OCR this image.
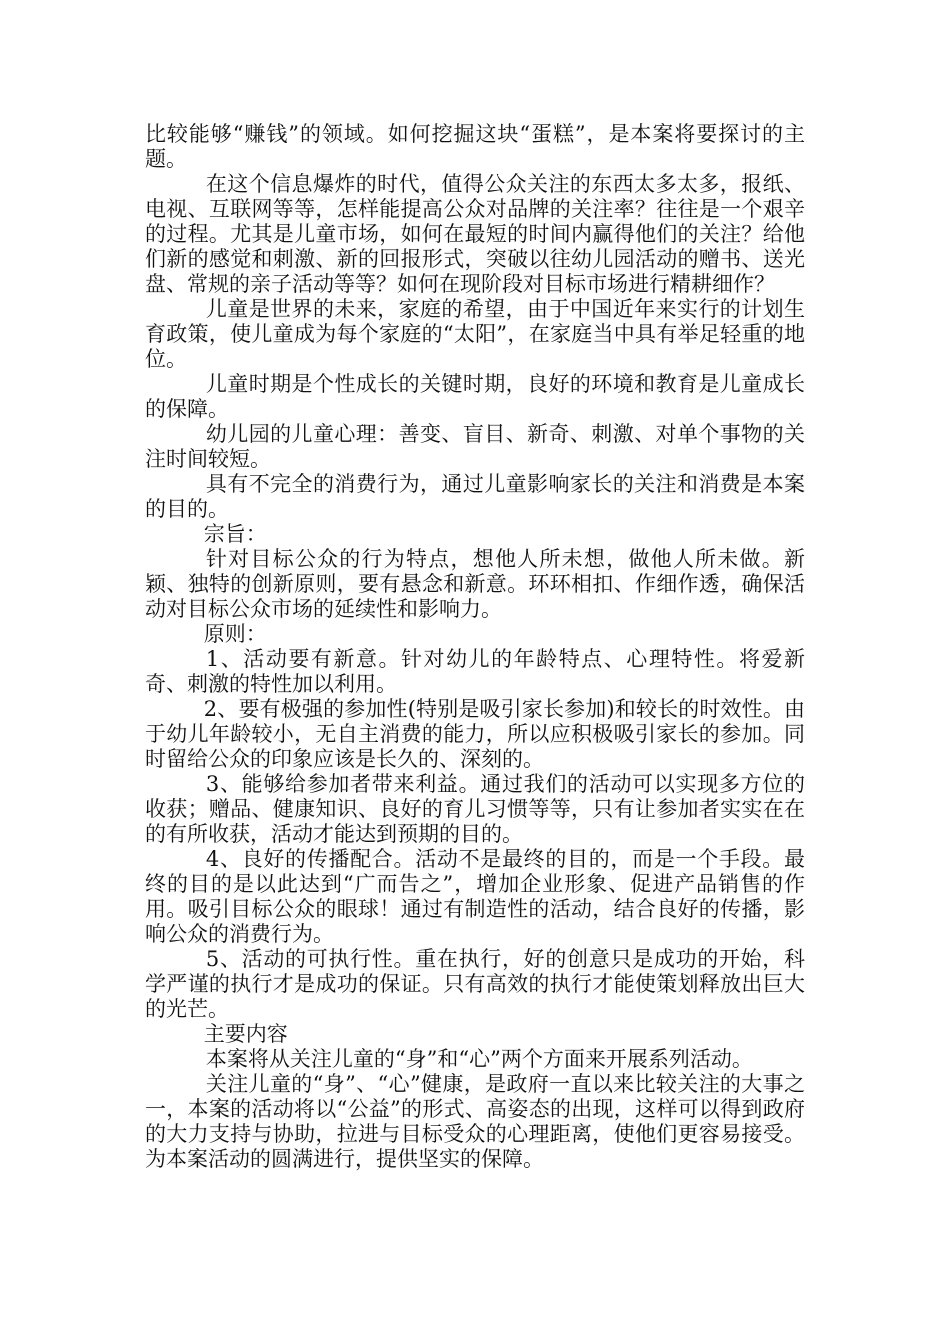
比较能够“赚钱”的领域。如何挖掘这块“蛋糕”，是本案将要探讨的主题。

在这个信息爆炸的时代，值得公众关注的东西太多太多，报纸、电视、互联网等等，怎样能提高公众对品牌的关注率？往往是一个艰辛的过程。尤其是儿童市场，如何在最短的时间内赢得他们的关注？给他们新的感觉和刺激、新的回报形式，突破以往幼儿园活动的赠书、送光盘、常规的亲子活动等等？如何在现阶段对目标市场进行精耕细作？

儿童是世界的未来，家庭的希望，由于中国近年来实行的计划生育政策，使儿童成为每个家庭的“太阳”，在家庭当中具有举足轻重的地位。

儿童时期是个性成长的关键时期，良好的环境和教育是儿童成长的保障。

幼儿园的儿童心理：善变、盲目、新奇、刺激、对单个事物的关注时间较短。

具有不完全的消费行为，通过儿童影响家长的关注和消费是本案的目的。

宗旨：

针对目标公众的行为特点，想他人所未想，做他人所未做。新颖、独特的创新原则，要有悬念和新意。环环相扣、作细作透，确保活动对目标公众市场的延续性和影响力。

原则：

1、活动要有新意。针对幼儿的年龄特点、心理特性。将爱新奇、刺激的特性加以利用。

2、要有极强的参加性(特别是吸引家长参加)和较长的时效性。由于幼儿年龄较小，无自主消费的能力，所以应积极吸引家长的参加。同时留给公众的印象应该是长久的、深刻的。

3、能够给参加者带来利益。通过我们的活动可以实现多方位的收获；赠品、健康知识、良好的育儿习惯等等，只有让参加者实实在在的有所收获，活动才能达到预期的目的。

4、良好的传播配合。活动不是最终的目的，而是一个手段。最终的目的是以此达到“广而告之”，增加企业形象、促进产品销售的作用。吸引目标公众的眼球！通过有制造性的活动，结合良好的传播，影响公众的消费行为。

5、活动的可执行性。重在执行，好的创意只是成功的开始，科学严谨的执行才是成功的保证。只有高效的执行才能使策划释放出巨大的光芒。

主要内容

本案将从关注儿童的“身”和“心”两个方面来开展系列活动。

关注儿童的“身”、“心”健康，是政府一直以来比较关注的大事之一，本案的活动将以“公益”的形式、高姿态的出现，这样可以得到政府的大力支持与协助，拉进与目标受众的心理距离，使他们更容易接受。为本案活动的圆满进行，提供坚实的保障。
